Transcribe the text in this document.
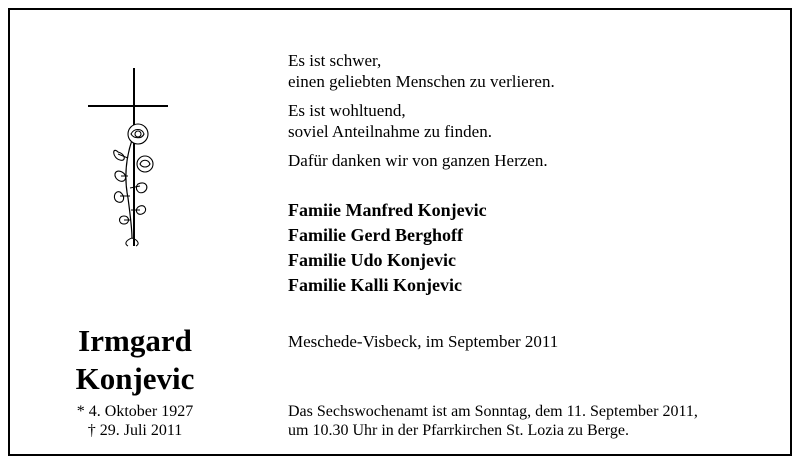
Irmgard
Konjevic
* 4. Oktober 1927
† 29. Juli 2011

Es ist schwer,
einen geliebten Menschen zu verlieren.

Es ist wohltuend,
soviel Anteilnahme zu finden.

Dafür danken wir von ganzen Herzen.

Famiie Manfred Konjevic
Familie Gerd Berghoff
Familie Udo Konjevic
Familie Kalli Konjevic
Meschede-Visbeck, im September 2011
Das Sechswochenamt ist am Sonntag, dem 11. September 2011,
um 10.30 Uhr in der Pfarrkirchen St. Lozia zu Berge.
